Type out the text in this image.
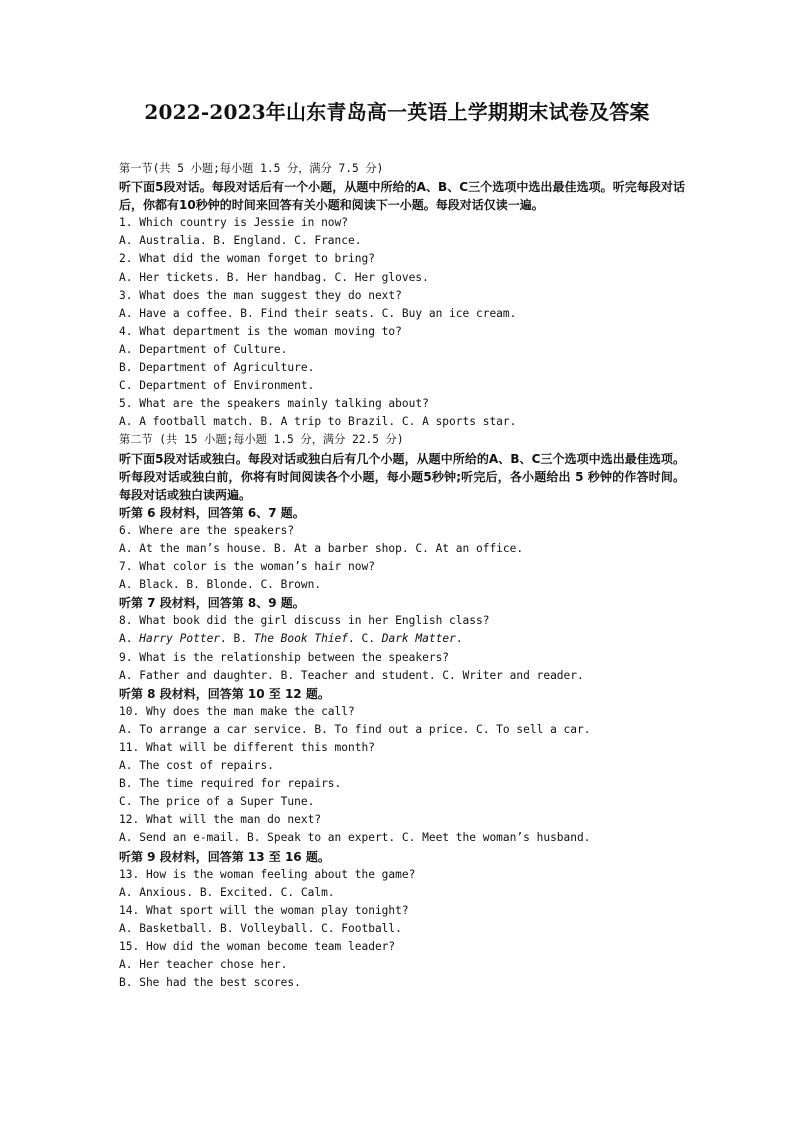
2022-2023年山东青岛高一英语上学期期末试卷及答案
第一节(共 5 小题;每小题 1.5 分，满分 7.5 分)
听下面5段对话。每段对话后有一个小题，从题中所给的A、B、C三个选项中选出最佳选项。听完每段对话后，你都有10秒钟的时间来回答有关小题和阅读下一小题。每段对话仅读一遍。
1. Which country is Jessie in now?
A. Australia. B. England. C. France.
2. What did the woman forget to bring?
A. Her tickets. B. Her handbag. C. Her gloves.
3. What does the man suggest they do next?
A. Have a coffee. B. Find their seats. C. Buy an ice cream.
4. What department is the woman moving to?
A. Department of Culture.
B. Department of Agriculture.
C. Department of Environment.
5. What are the speakers mainly talking about?
A. A football match. B. A trip to Brazil. C. A sports star.
第二节 (共 15 小题;每小题 1.5 分，满分 22.5 分)
听下面5段对话或独白。每段对话或独白后有几个小题，从题中所给的A、B、C三个选项中选出最佳选项。听每段对话或独白前，你将有时间阅读各个小题，每小题5秒钟;听完后，各小题给出 5 秒钟的作答时间。每段对话或独白读两遍。
听第 6 段材料，回答第 6、7 题。
6. Where are the speakers?
A. At the man’s house. B. At a barber shop. C. At an office.
7. What color is the woman’s hair now?
A. Black. B. Blonde. C. Brown.
听第 7 段材料，回答第 8、9 题。
8. What book did the girl discuss in her English class?
A. Harry Potter. B. The Book Thief. C. Dark Matter.
9. What is the relationship between the speakers?
A. Father and daughter. B. Teacher and student. C. Writer and reader.
听第 8 段材料，回答第 10 至 12 题。
10. Why does the man make the call?
A. To arrange a car service. B. To find out a price. C. To sell a car.
11. What will be different this month?
A. The cost of repairs.
B. The time required for repairs.
C. The price of a Super Tune.
12. What will the man do next?
A. Send an e-mail. B. Speak to an expert. C. Meet the woman’s husband.
听第 9 段材料，回答第 13 至 16 题。
13. How is the woman feeling about the game?
A. Anxious. B. Excited. C. Calm.
14. What sport will the woman play tonight?
A. Basketball. B. Volleyball. C. Football.
15. How did the woman become team leader?
A. Her teacher chose her.
B. She had the best scores.
